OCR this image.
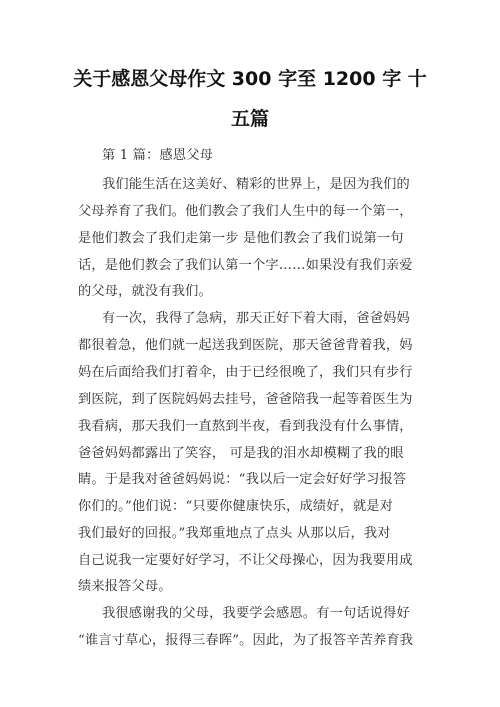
关于感恩父母作文 300 字至 1200 字 十
五篇
第 1 篇：感恩父母
我们能生活在这美好、精彩的世界上，是因为我们的
父母养育了我们。他们教会了我们人生中的每一个第一，
是他们教会了我们走第一步 是他们教会了我们说第一句
话，是他们教会了我们认第一个字……如果没有我们亲爱
的父母，就没有我们。
有一次，我得了急病，那天正好下着大雨，爸爸妈妈
都很着急，他们就一起送我到医院，那天爸爸背着我，妈
妈在后面给我们打着伞，由于已经很晚了，我们只有步行
到医院，到了医院妈妈去挂号，爸爸陪我一起等着医生为
我看病，那天我们一直熬到半夜，看到我没有什么事情，
爸爸妈妈都露出了笑容， 可是我的泪水却模糊了我的眼
睛。于是我对爸爸妈妈说：“我以后一定会好好学习报答
你们的。”他们说：“只要你健康快乐，成绩好，就是对
我们最好的回报。”我郑重地点了点头 从那以后，我对
自己说我一定要好好学习，不让父母操心，因为我要用成
绩来报答父母。
我很感谢我的父母，我要学会感恩。有一句话说得好
“谁言寸草心，报得三春晖”。因此，为了报答辛苦养育我
